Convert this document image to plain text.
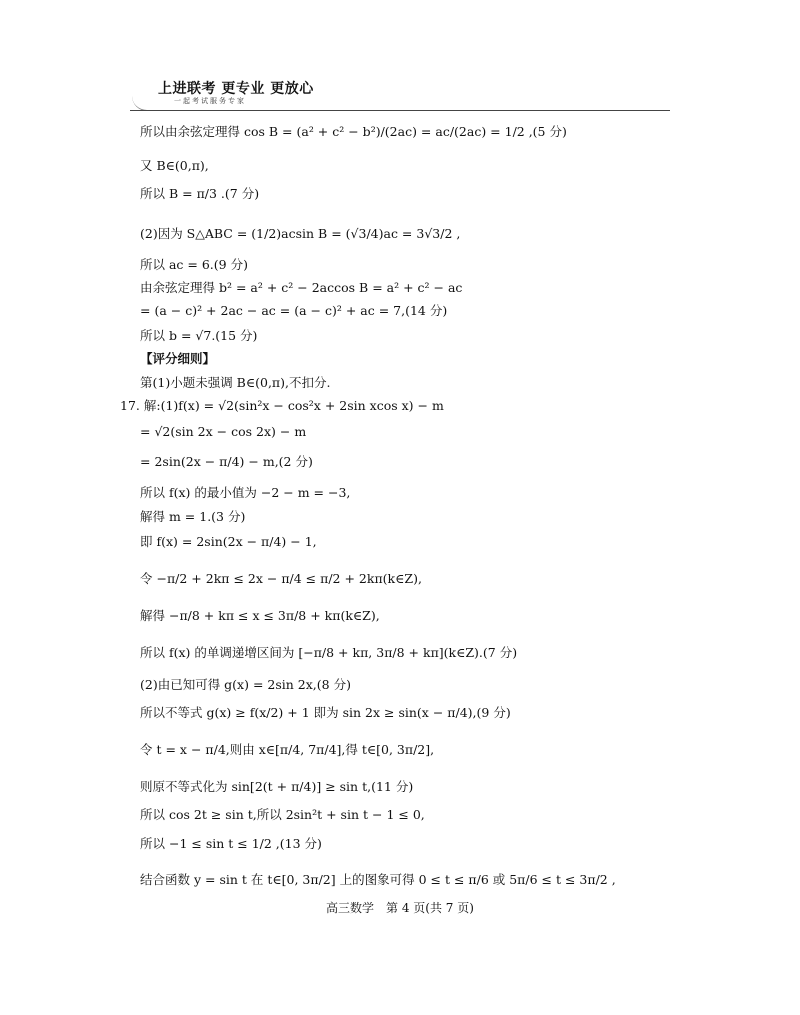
上进联考 更专业 更放心
一起考试服务专家
所以由余弦定理得 cos B = (a² + c² − b²)/(2ac) = ac/(2ac) = 1/2 ,(5 分)
又 B∈(0,π),
所以 B = π/3 .(7 分)
(2)因为 S△ABC = (1/2)acsin B = (√3/4)ac = 3√3/2 ,
所以 ac = 6.(9 分)
由余弦定理得 b² = a² + c² − 2accos B = a² + c² − ac
= (a − c)² + 2ac − ac = (a − c)² + ac = 7,(14 分)
所以 b = √7.(15 分)
【评分细则】
第(1)小题未强调 B∈(0,π),不扣分.
17. 解:(1)f(x) = √2(sin²x − cos²x + 2sin xcos x) − m
= √2(sin 2x − cos 2x) − m
= 2sin(2x − π/4) − m,(2 分)
所以 f(x) 的最小值为 −2 − m = −3,
解得 m = 1.(3 分)
即 f(x) = 2sin(2x − π/4) − 1,
令 −π/2 + 2kπ ≤ 2x − π/4 ≤ π/2 + 2kπ(k∈Z),
解得 −π/8 + kπ ≤ x ≤ 3π/8 + kπ(k∈Z),
所以 f(x) 的单调递增区间为 [−π/8 + kπ, 3π/8 + kπ](k∈Z).(7 分)
(2)由已知可得 g(x) = 2sin 2x,(8 分)
所以不等式 g(x) ≥ f(x/2) + 1 即为 sin 2x ≥ sin(x − π/4),(9 分)
令 t = x − π/4,则由 x∈[π/4, 7π/4],得 t∈[0, 3π/2],
则原不等式化为 sin[2(t + π/4)] ≥ sin t,(11 分)
所以 cos 2t ≥ sin t,所以 2sin²t + sin t − 1 ≤ 0,
所以 −1 ≤ sin t ≤ 1/2 ,(13 分)
结合函数 y = sin t 在 t∈[0, 3π/2] 上的图象可得 0 ≤ t ≤ π/6 或 5π/6 ≤ t ≤ 3π/2 ,
高三数学　第 4 页(共 7 页)
